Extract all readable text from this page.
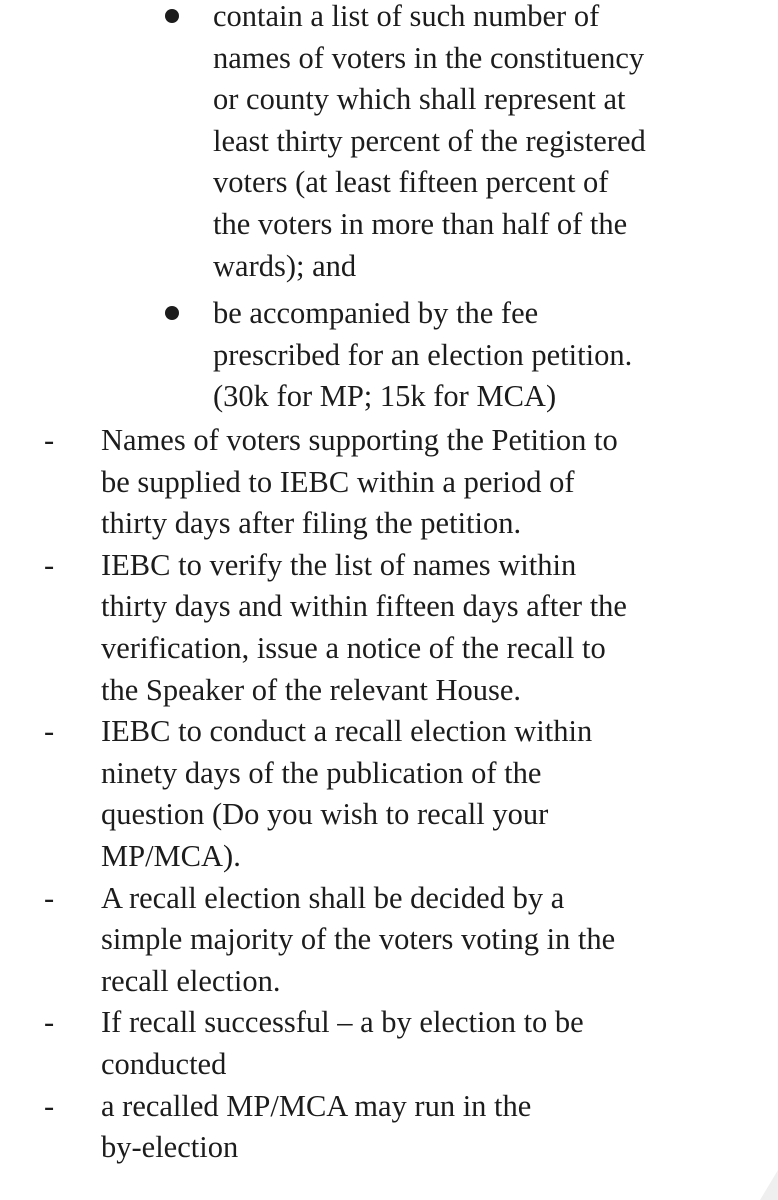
contain a list of such number of
names of voters in the constituency
or county which shall represent at
least thirty percent of the registered
voters (at least fifteen percent of
the voters in more than half of the
wards); and
be accompanied by the fee
prescribed for an election petition.
(30k for MP; 15k for MCA)
-	Names of voters supporting the Petition to
be supplied to IEBC within a period of
thirty days after filing the petition.
-	IEBC to verify the list of names within
thirty days and within fifteen days after the
verification, issue a notice of the recall to
the Speaker of the relevant House.
-	IEBC to conduct a recall election within
ninety days of the publication of the
question (Do you wish to recall your
MP/MCA).
-	A recall election shall be decided by a
simple majority of the voters voting in the
recall election.
-	If recall successful – a by election to be
conducted
-	a recalled MP/MCA may run in the
by-election
